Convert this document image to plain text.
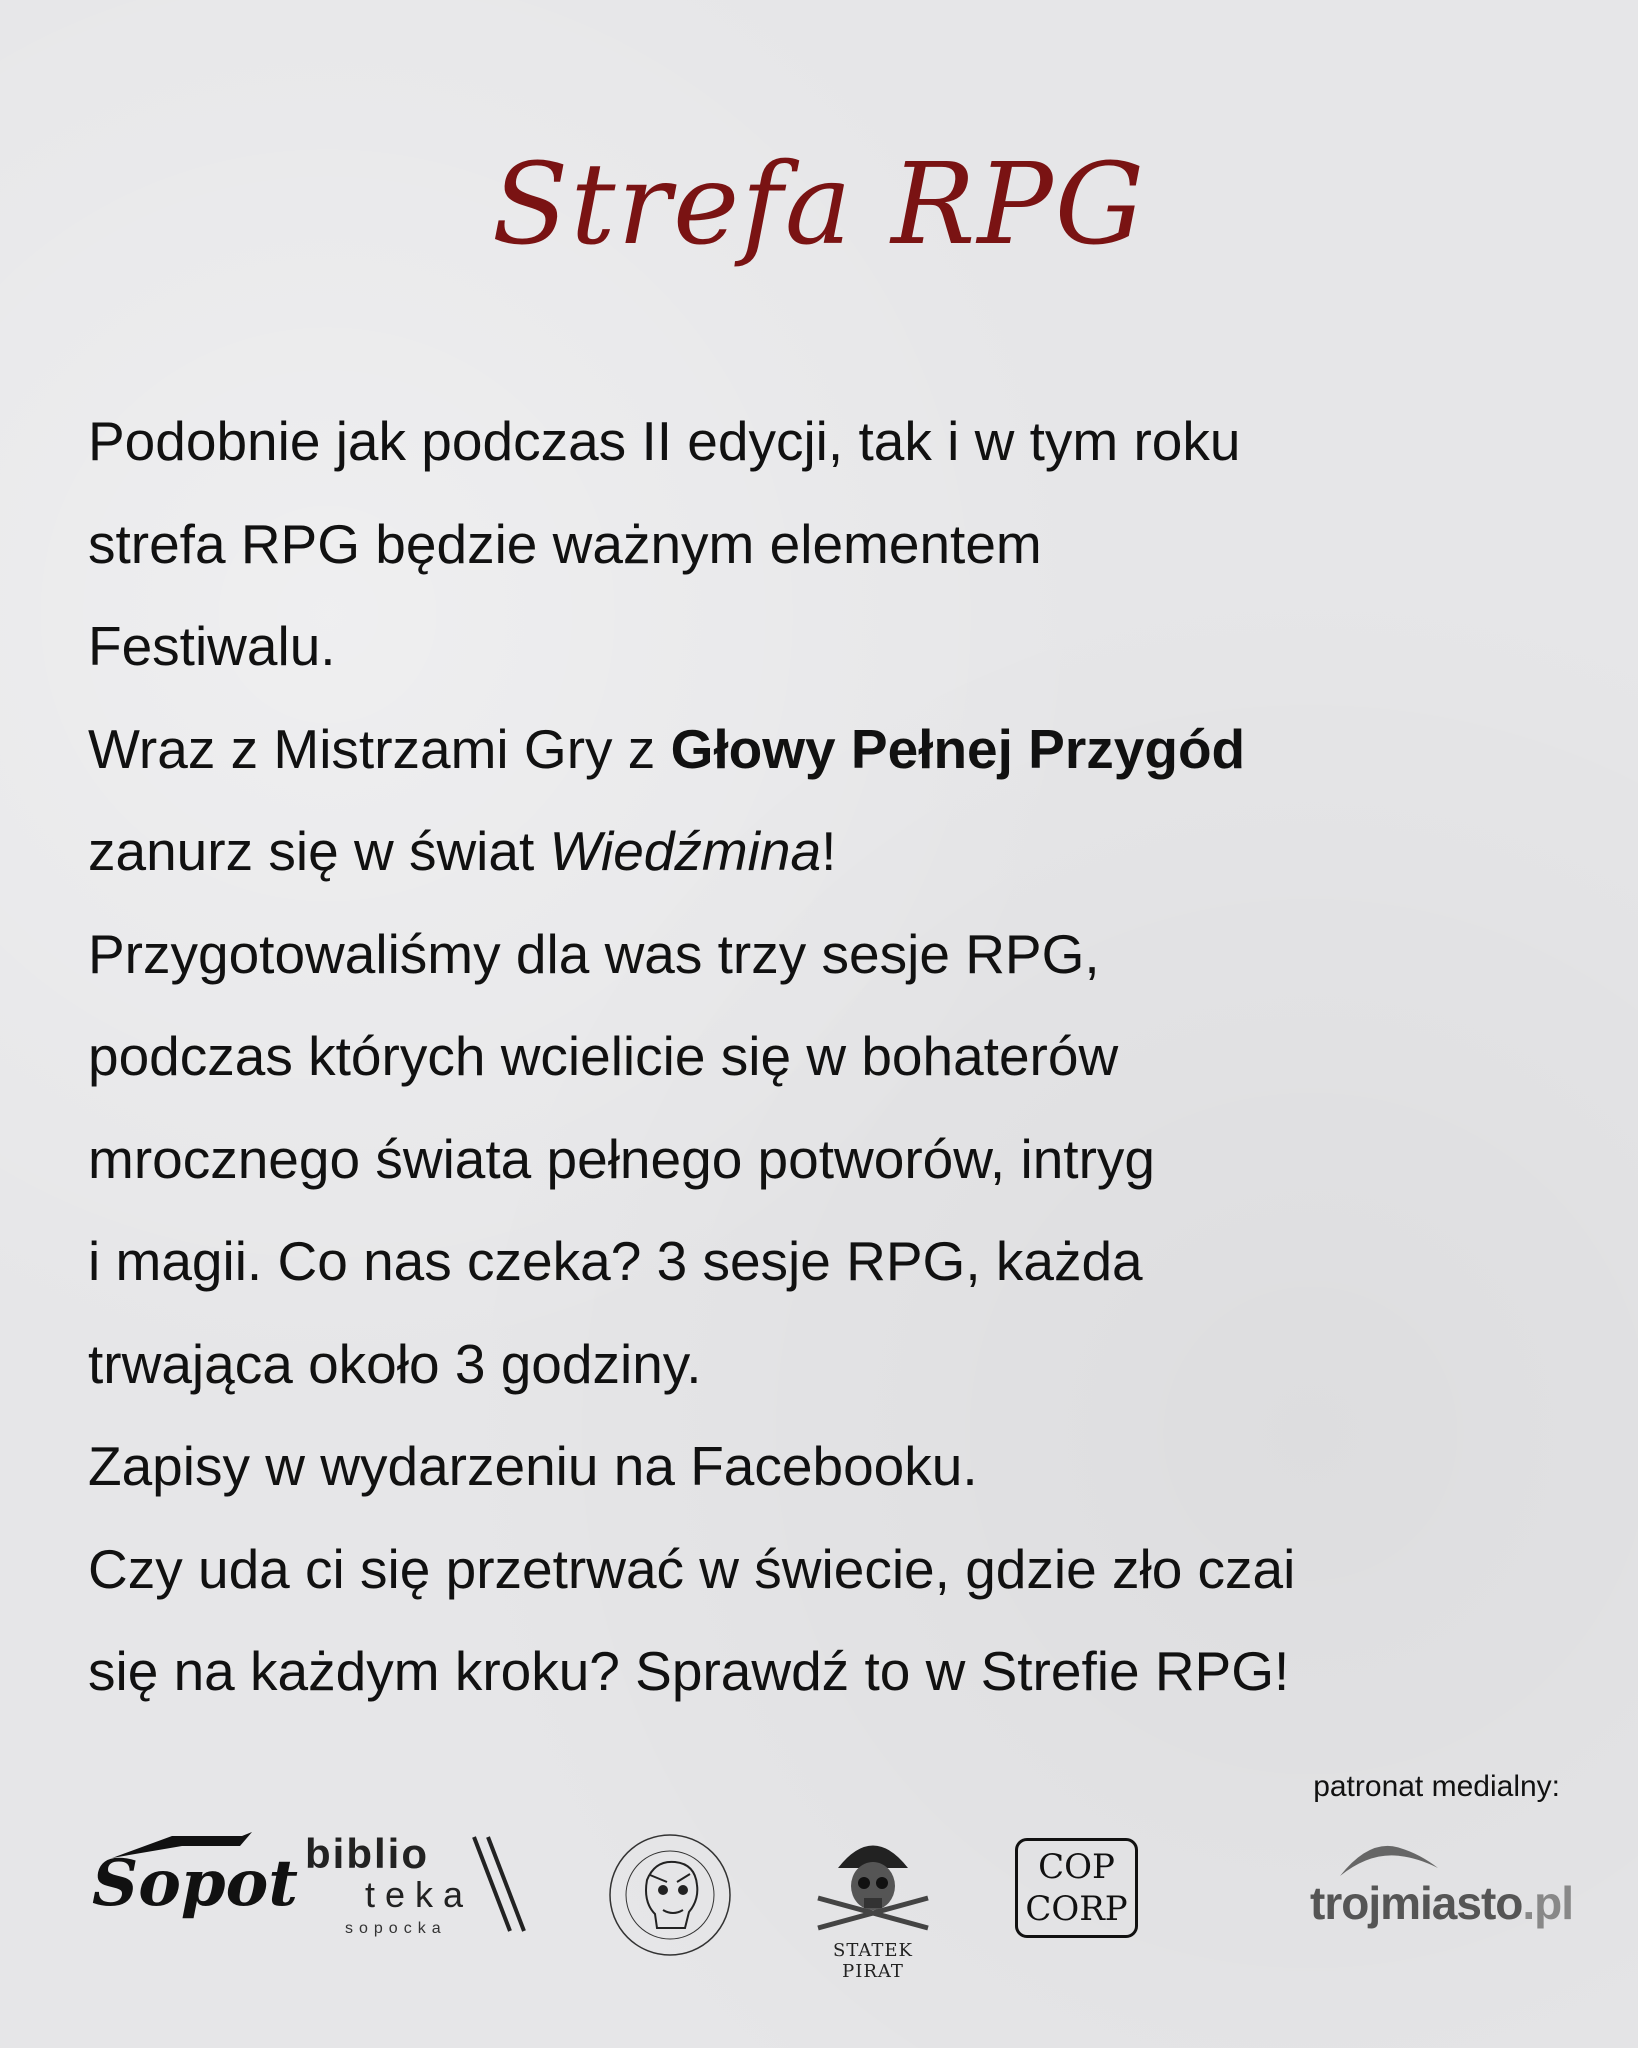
Strefa RPG
Podobnie jak podczas II edycji, tak i w tym roku
strefa RPG będzie ważnym elementem
Festiwalu.
Wraz z Mistrzami Gry z Głowy Pełnej Przygód
zanurz się w świat Wiedźmina!
Przygotowaliśmy dla was trzy sesje RPG,
podczas których wcielicie się w bohaterów
mrocznego świata pełnego potworów, intryg
i magii. Co nas czeka? 3 sesje RPG, każda
trwająca około 3 godziny.
Zapisy w wydarzeniu na Facebooku.
Czy uda ci się przetrwać w świecie, gdzie zło czai
się na każdym kroku? Sprawdź to w Strefie RPG!
patronat medialny:
Sopot biblio
teka
sopocka
STATEK PIRAT
COP
CORP	trojmiasto.pl
